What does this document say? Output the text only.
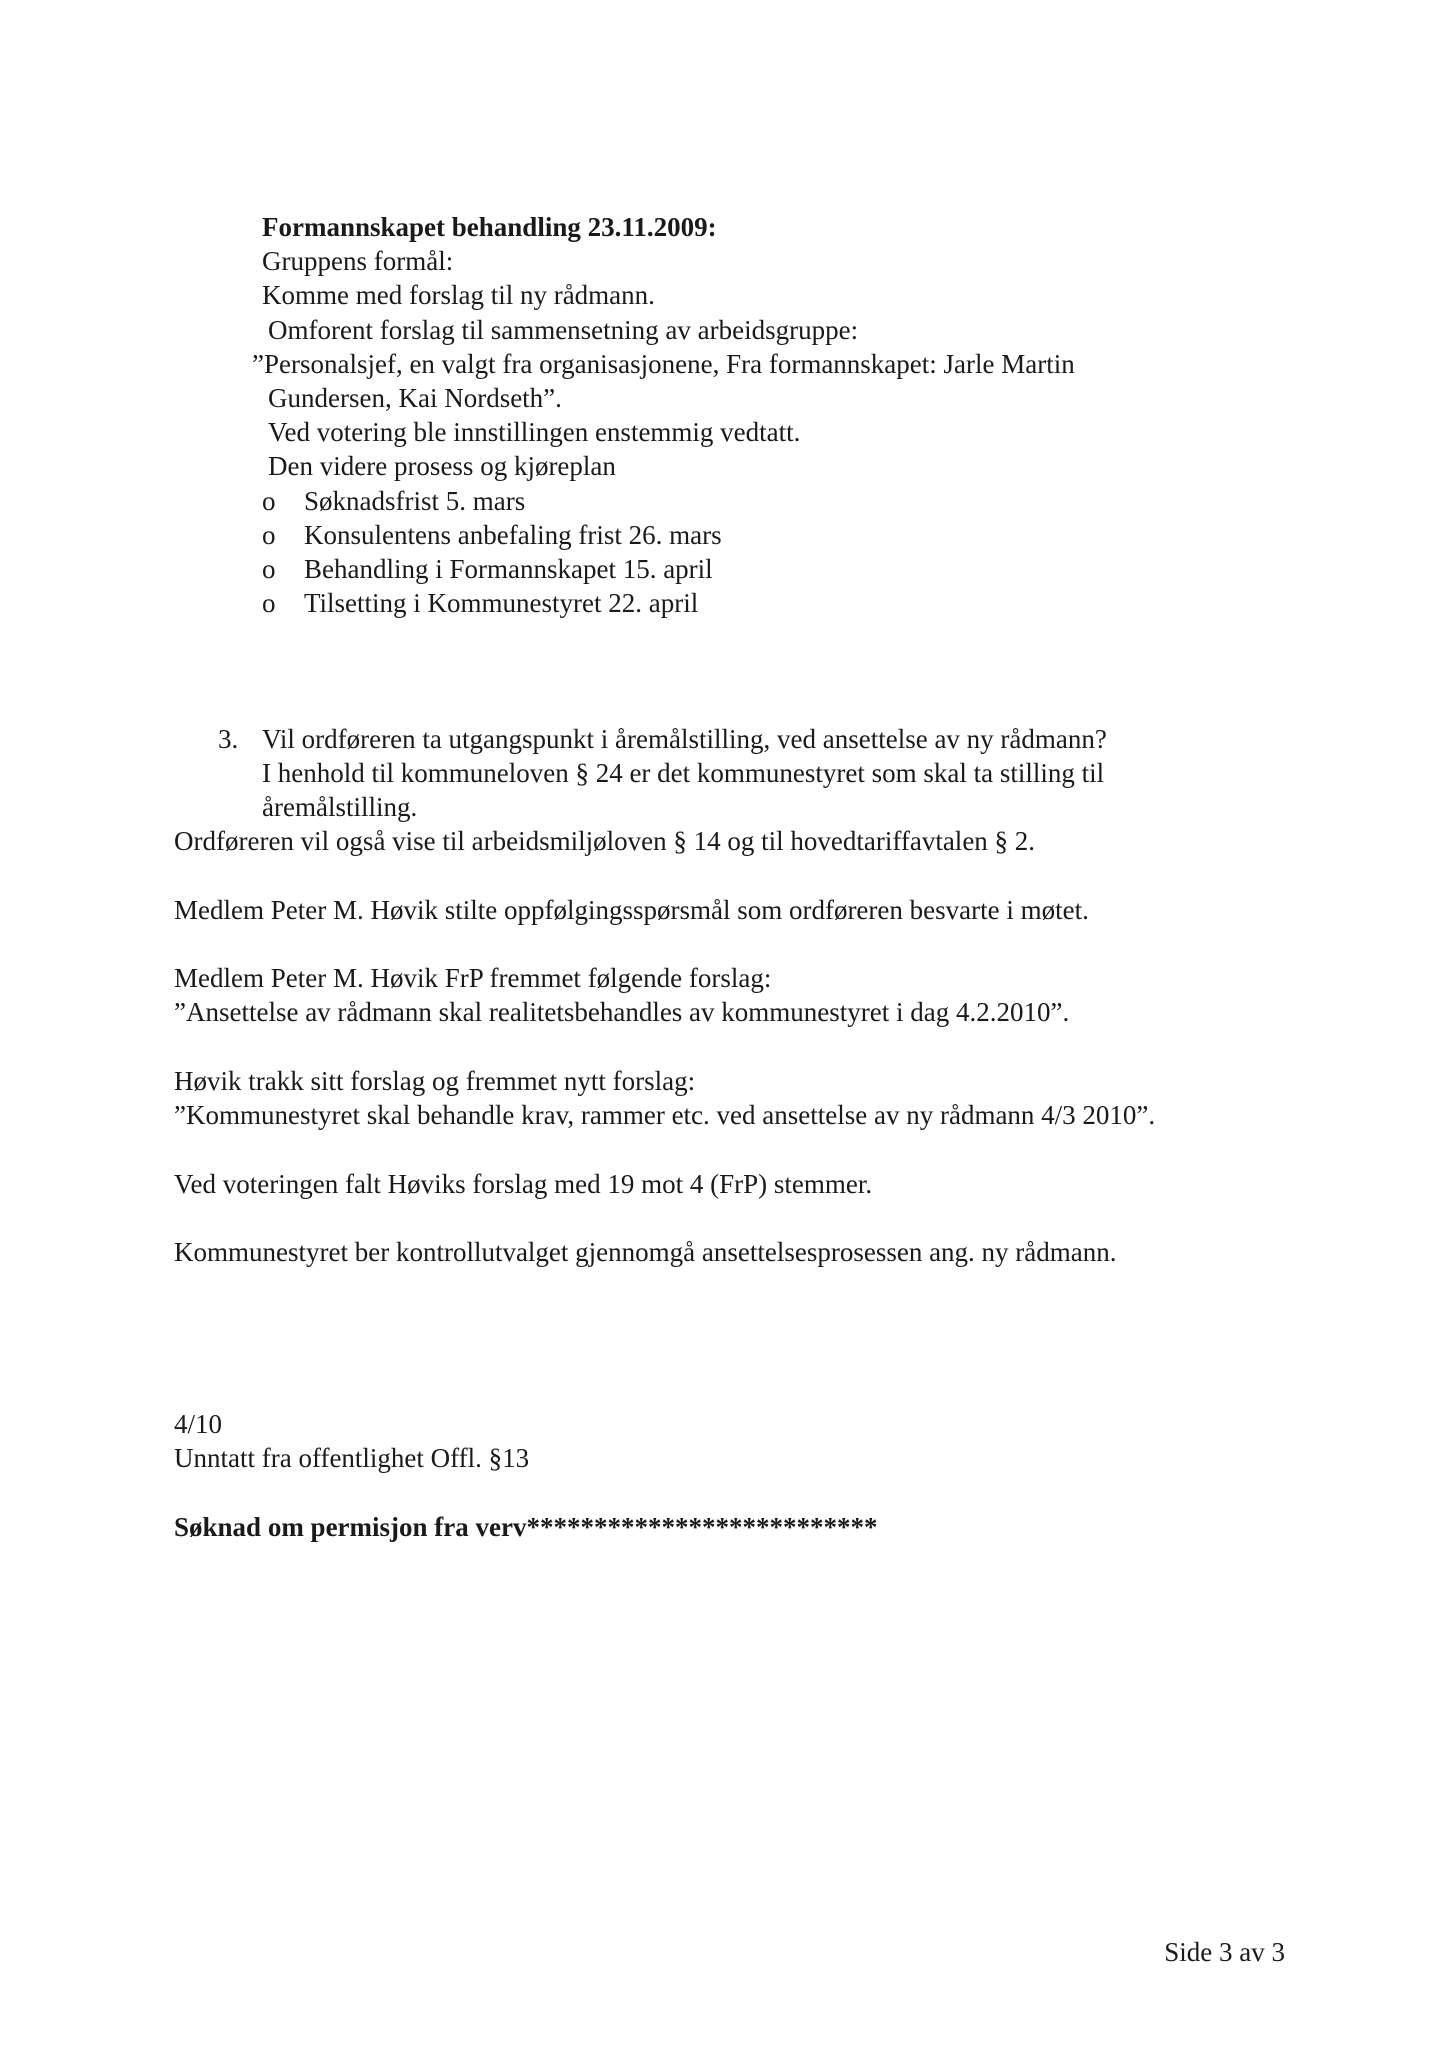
Formannskapet behandling 23.11.2009:
Gruppens formål:
Komme med forslag til ny rådmann.
Omforent forslag til sammensetning av arbeidsgruppe:
”Personalsjef, en valgt fra organisasjonene, Fra formannskapet: Jarle Martin
Gundersen, Kai Nordseth”.
Ved votering ble innstillingen enstemmig vedtatt.
Den videre prosess og kjøreplan
o Søknadsfrist 5. mars
o Konsulentens anbefaling frist 26. mars
o Behandling i Formannskapet 15. april
o Tilsetting i Kommunestyret 22. april
3. Vil ordføreren ta utgangspunkt i åremålstilling, ved ansettelse av ny rådmann?
I henhold til kommuneloven § 24 er det kommunestyret som skal ta stilling til
åremålstilling.
Ordføreren vil også vise til arbeidsmiljøloven § 14 og til hovedtariffavtalen § 2.
Medlem Peter M. Høvik stilte oppfølgingsspørsmål som ordføreren besvarte i møtet.
Medlem Peter M. Høvik FrP fremmet følgende forslag:
”Ansettelse av rådmann skal realitetsbehandles av kommunestyret i dag 4.2.2010”.
Høvik trakk sitt forslag og fremmet nytt forslag:
”Kommunestyret skal behandle krav, rammer etc. ved ansettelse av ny rådmann 4/3 2010”.
Ved voteringen falt Høviks forslag med 19 mot 4 (FrP) stemmer.
Kommunestyret ber kontrollutvalget gjennomgå ansettelsesprosessen ang. ny rådmann.
4/10
Unntatt fra offentlighet Offl. §13
Søknad om permisjon fra verv**************************
Side 3 av 3
